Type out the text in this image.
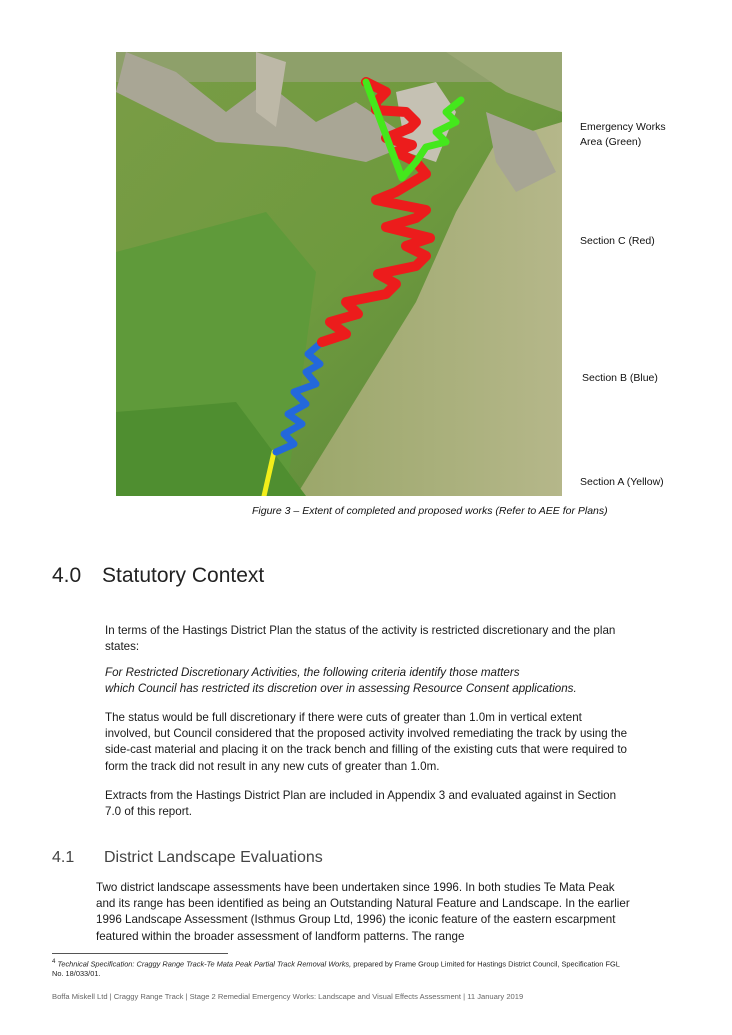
Emergency Works
Area (Green)
Section C (Red)
Section B (Blue)
Section A (Yellow)
Figure 3 – Extent of completed and proposed works (Refer to AEE for Plans)
4.0 Statutory Context

In terms of the Hastings District Plan the status of the activity is restricted discretionary and the plan states:

For Restricted Discretionary Activities, the following criteria identify those matters
which Council has restricted its discretion over in assessing Resource Consent applications.

The status would be full discretionary if there were cuts of greater than 1.0m in vertical extent involved, but Council considered that the proposed activity involved remediating the track by using the side-cast material and placing it on the track bench and filling of the existing cuts that were required to form the track did not result in any new cuts of greater than 1.0m.

Extracts from the Hastings District Plan are included in Appendix 3 and evaluated against in Section 7.0 of this report.

4.1 District Landscape Evaluations

Two district landscape assessments have been undertaken since 1996. In both studies Te Mata Peak and its range has been identified as being an Outstanding Natural Feature and Landscape. In the earlier 1996 Landscape Assessment (Isthmus Group Ltd, 1996) the iconic feature of the eastern escarpment featured within the broader assessment of landform patterns. The range

$^4$ Technical Specification: Craggy Range Track-Te Mata Peak Partial Track Removal Works, prepared by Frame Group Limited for Hastings District Council, Specification FGL No. 18/033/01.

Boffa Miskell Ltd | Craggy Range Track | Stage 2 Remedial Emergency Works: Landscape and Visual Effects Assessment | 11 January 2019
